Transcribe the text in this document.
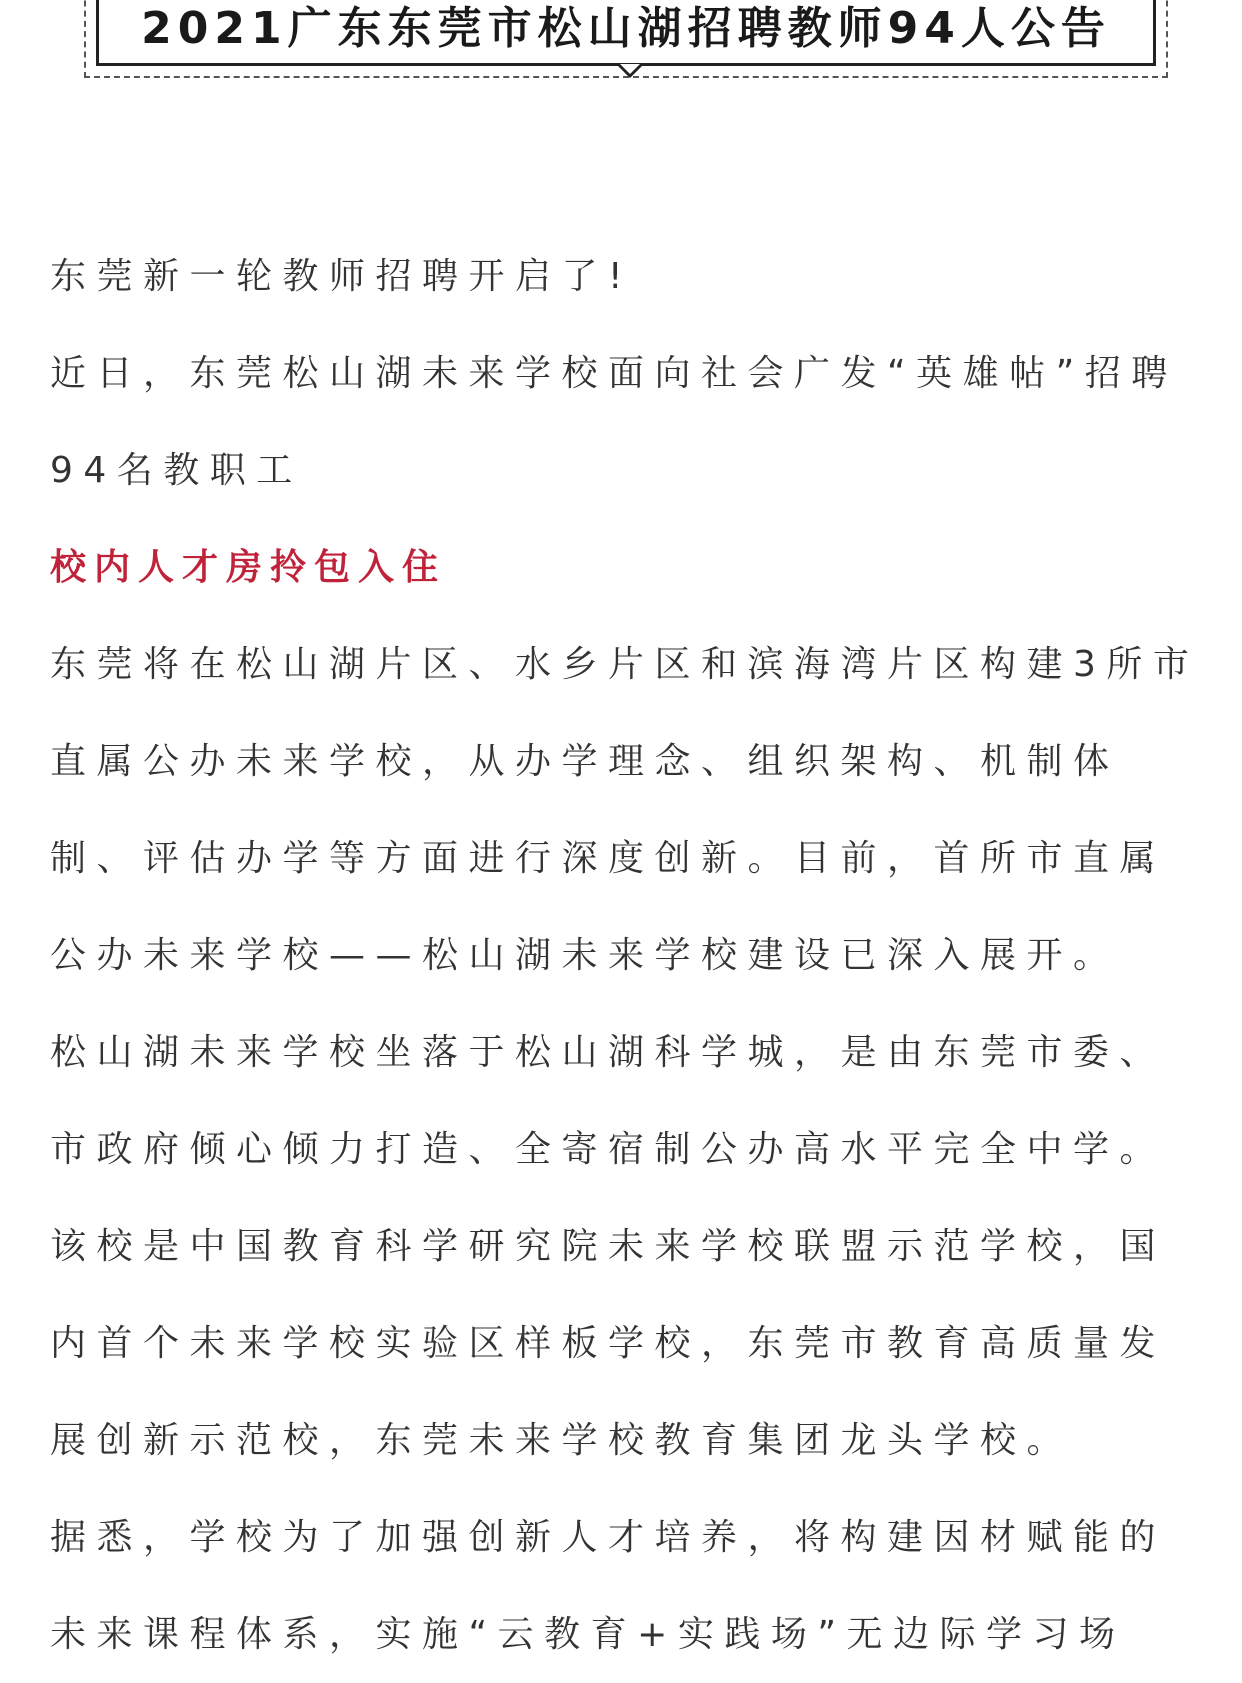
2021广东东莞市松山湖招聘教师94人公告
东莞新一轮教师招聘开启了!
近日，东莞松山湖未来学校面向社会广发“英雄帖”招聘
94名教职工
校内人才房拎包入住
东莞将在松山湖片区、水乡片区和滨海湾片区构建3所市
直属公办未来学校，从办学理念、组织架构、机制体
制、评估办学等方面进行深度创新。目前，首所市直属
公办未来学校——松山湖未来学校建设已深入展开。
松山湖未来学校坐落于松山湖科学城，是由东莞市委、
市政府倾心倾力打造、全寄宿制公办高水平完全中学。
该校是中国教育科学研究院未来学校联盟示范学校，国
内首个未来学校实验区样板学校，东莞市教育高质量发
展创新示范校，东莞未来学校教育集团龙头学校。
据悉，学校为了加强创新人才培养，将构建因材赋能的
未来课程体系，实施“云教育+实践场”无边际学习场
